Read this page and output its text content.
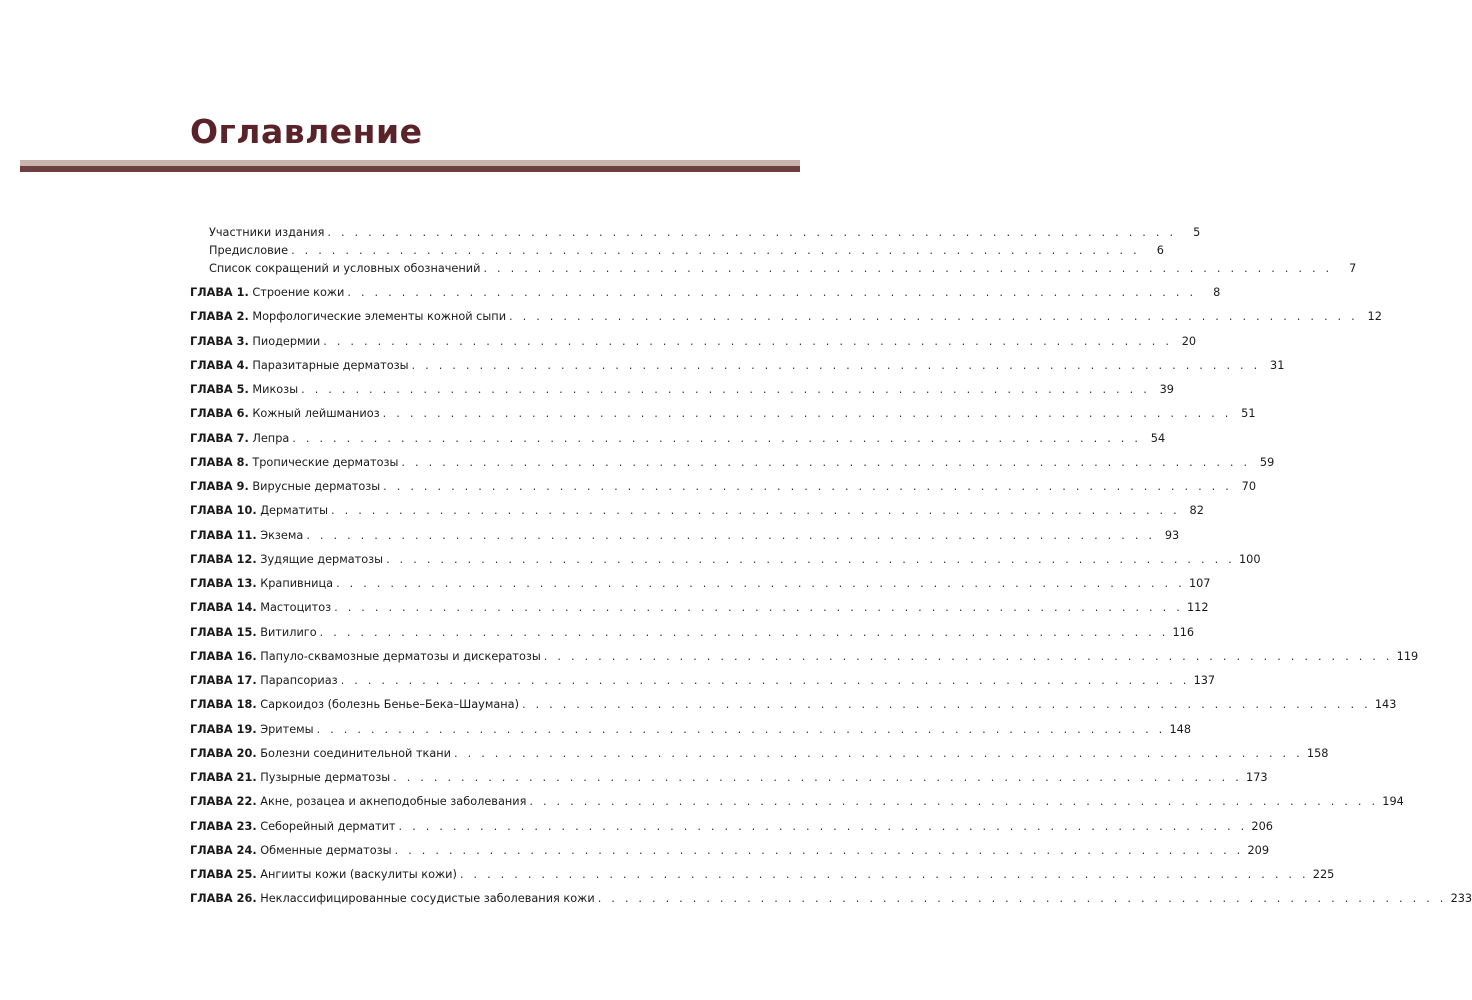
Оглавление
Участники издания . . . . . . . . . . . . . . . . . . . . . . . . . . . . . . . . . . . . . . . . . . . . . . . . . . . . . . . . . . . . . . .	5
Предисловие . . . . . . . . . . . . . . . . . . . . . . . . . . . . . . . . . . . . . . . . . . . . . . . . . . . . . . . . . . . . . . .	6
Список сокращений и условных обозначений . . . . . . . . . . . . . . . . . . . . . . . . . . . . . . . . . . . . . . . . . . . . . . . . . . . . . . . . . . . . . . .	7
ГЛАВА 1. Строение кожи . . . . . . . . . . . . . . . . . . . . . . . . . . . . . . . . . . . . . . . . . . . . . . . . . . . . . . . . . . . . . . .	8
ГЛАВА 2. Морфологические элементы кожной сыпи . . . . . . . . . . . . . . . . . . . . . . . . . . . . . . . . . . . . . . . . . . . . . . . . . . . . . . . . . . . . . . . 12
ГЛАВА 3. Пиодермии . . . . . . . . . . . . . . . . . . . . . . . . . . . . . . . . . . . . . . . . . . . . . . . . . . . . . . . . . . . . . . . 20
ГЛАВА 4. Паразитарные дерматозы . . . . . . . . . . . . . . . . . . . . . . . . . . . . . . . . . . . . . . . . . . . . . . . . . . . . . . . . . . . . . . . 31
ГЛАВА 5. Микозы . . . . . . . . . . . . . . . . . . . . . . . . . . . . . . . . . . . . . . . . . . . . . . . . . . . . . . . . . . . . . . . 39
ГЛАВА 6. Кожный лейшманиоз . . . . . . . . . . . . . . . . . . . . . . . . . . . . . . . . . . . . . . . . . . . . . . . . . . . . . . . . . . . . . . . 51
ГЛАВА 7. Лепра . . . . . . . . . . . . . . . . . . . . . . . . . . . . . . . . . . . . . . . . . . . . . . . . . . . . . . . . . . . . . . . 54
ГЛАВА 8. Тропические дерматозы . . . . . . . . . . . . . . . . . . . . . . . . . . . . . . . . . . . . . . . . . . . . . . . . . . . . . . . . . . . . . . . 59
ГЛАВА 9. Вирусные дерматозы . . . . . . . . . . . . . . . . . . . . . . . . . . . . . . . . . . . . . . . . . . . . . . . . . . . . . . . . . . . . . . . 70
ГЛАВА 10. Дерматиты . . . . . . . . . . . . . . . . . . . . . . . . . . . . . . . . . . . . . . . . . . . . . . . . . . . . . . . . . . . . . . . 82
ГЛАВА 11. Экзема . . . . . . . . . . . . . . . . . . . . . . . . . . . . . . . . . . . . . . . . . . . . . . . . . . . . . . . . . . . . . . . 93
ГЛАВА 12. Зудящие дерматозы . . . . . . . . . . . . . . . . . . . . . . . . . . . . . . . . . . . . . . . . . . . . . . . . . . . . . . . . . . . . . . . 100
ГЛАВА 13. Крапивница . . . . . . . . . . . . . . . . . . . . . . . . . . . . . . . . . . . . . . . . . . . . . . . . . . . . . . . . . . . . . . . 107
ГЛАВА 14. Мастоцитоз . . . . . . . . . . . . . . . . . . . . . . . . . . . . . . . . . . . . . . . . . . . . . . . . . . . . . . . . . . . . . . . 112
ГЛАВА 15. Витилиго . . . . . . . . . . . . . . . . . . . . . . . . . . . . . . . . . . . . . . . . . . . . . . . . . . . . . . . . . . . . . . . 116
ГЛАВА 16. Папуло-сквамозные дерматозы и дискератозы . . . . . . . . . . . . . . . . . . . . . . . . . . . . . . . . . . . . . . . . . . . . . . . . . . . . . . . . . . . . . . . 119
ГЛАВА 17. Парапсориаз . . . . . . . . . . . . . . . . . . . . . . . . . . . . . . . . . . . . . . . . . . . . . . . . . . . . . . . . . . . . . . . 137
ГЛАВА 18. Саркоидоз (болезнь Бенье–Бека–Шаумана) . . . . . . . . . . . . . . . . . . . . . . . . . . . . . . . . . . . . . . . . . . . . . . . . . . . . . . . . . . . . . . . 143
ГЛАВА 19. Эритемы . . . . . . . . . . . . . . . . . . . . . . . . . . . . . . . . . . . . . . . . . . . . . . . . . . . . . . . . . . . . . . . 148
ГЛАВА 20. Болезни соединительной ткани . . . . . . . . . . . . . . . . . . . . . . . . . . . . . . . . . . . . . . . . . . . . . . . . . . . . . . . . . . . . . . . 158
ГЛАВА 21. Пузырные дерматозы . . . . . . . . . . . . . . . . . . . . . . . . . . . . . . . . . . . . . . . . . . . . . . . . . . . . . . . . . . . . . . . 173
ГЛАВА 22. Акне, розацеа и акнеподобные заболевания . . . . . . . . . . . . . . . . . . . . . . . . . . . . . . . . . . . . . . . . . . . . . . . . . . . . . . . . . . . . . . . 194
ГЛАВА 23. Себорейный дерматит . . . . . . . . . . . . . . . . . . . . . . . . . . . . . . . . . . . . . . . . . . . . . . . . . . . . . . . . . . . . . . . 206
ГЛАВА 24. Обменные дерматозы . . . . . . . . . . . . . . . . . . . . . . . . . . . . . . . . . . . . . . . . . . . . . . . . . . . . . . . . . . . . . . . 209
ГЛАВА 25. Ангииты кожи (васкулиты кожи) . . . . . . . . . . . . . . . . . . . . . . . . . . . . . . . . . . . . . . . . . . . . . . . . . . . . . . . . . . . . . . . 225
ГЛАВА 26. Неклассифицированные сосудистые заболевания кожи . . . . . . . . . . . . . . . . . . . . . . . . . . . . . . . . . . . . . . . . . . . . . . . . . . . . . . . . . . . . . . . 233
